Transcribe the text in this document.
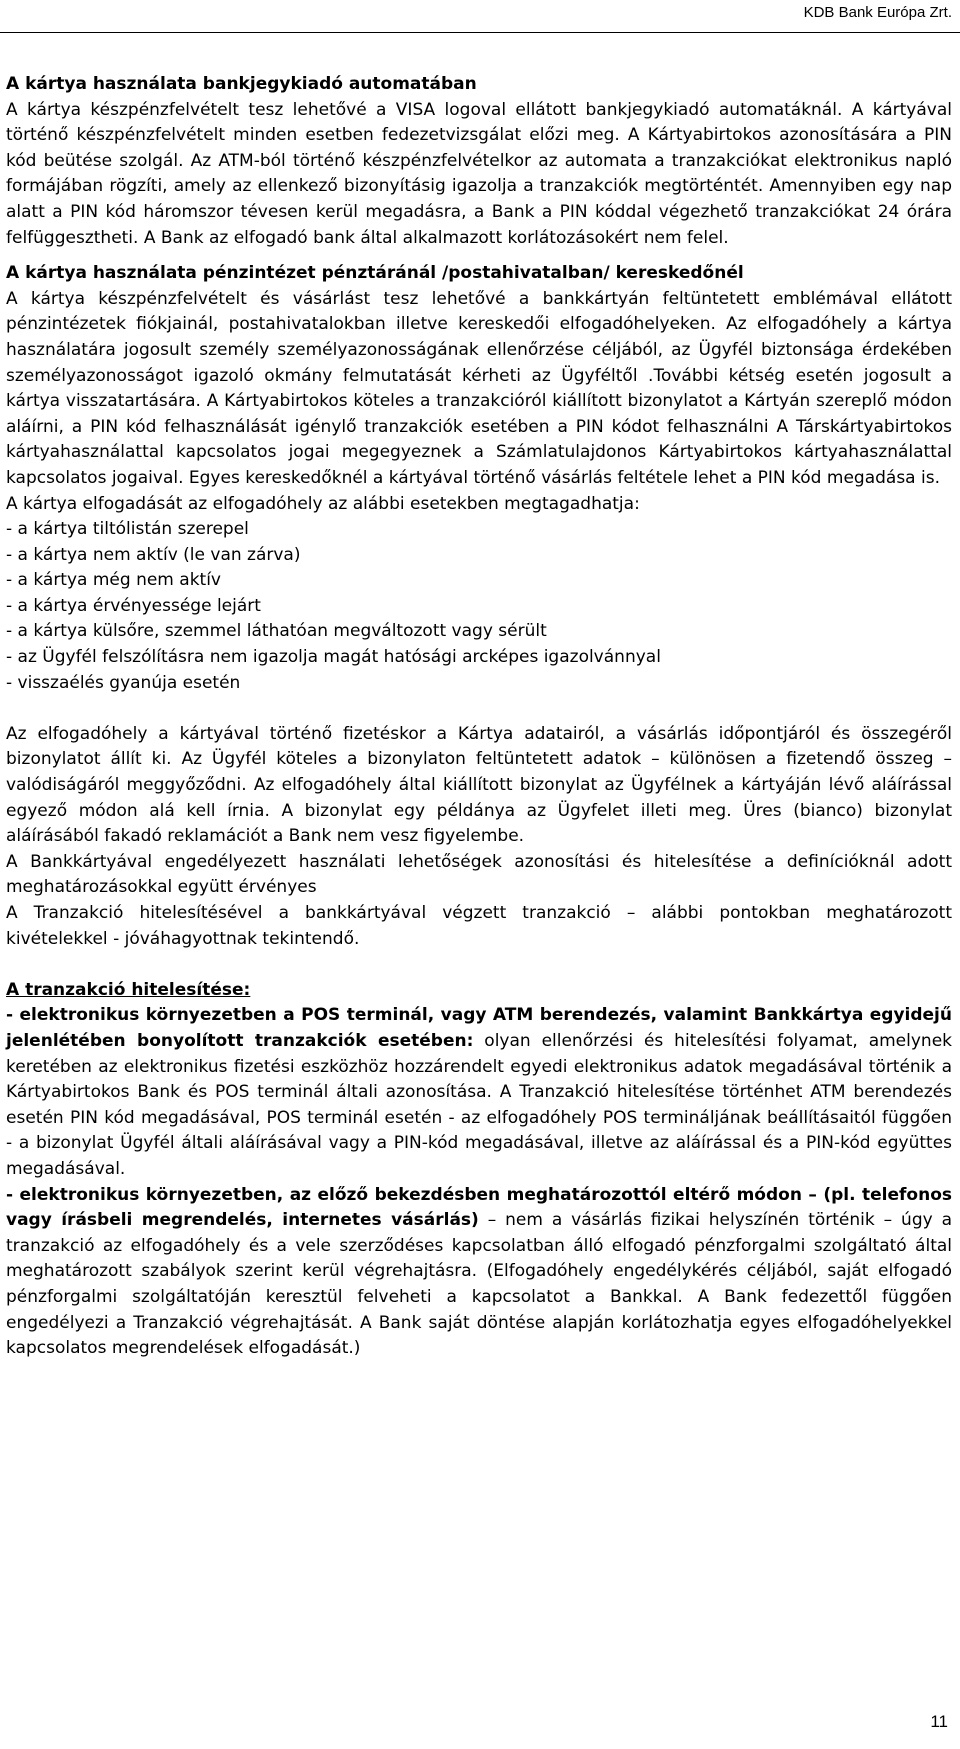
KDB Bank Európa Zrt.
A kártya használata bankjegykiadó automatában

A kártya készpénzfelvételt tesz lehetővé a VISA logoval ellátott bankjegykiadó automatáknál. A kártyával történő készpénzfelvételt minden esetben fedezetvizsgálat előzi meg. A Kártyabirtokos azonosítására a PIN kód beütése szolgál. Az ATM-ból történő készpénzfelvételkor az automata a tranzakciókat elektronikus napló formájában rögzíti, amely az ellenkező bizonyításig igazolja a tranzakciók megtörténtét. Amennyiben egy nap alatt a PIN kód háromszor tévesen kerül megadásra, a Bank a PIN kóddal végezhető tranzakciókat 24 órára felfüggesztheti. A Bank az elfogadó bank által alkalmazott korlátozásokért nem felel.

A kártya használata pénzintézet pénztáránál /postahivatalban/ kereskedőnél

A kártya készpénzfelvételt és vásárlást tesz lehetővé a bankkártyán feltüntetett emblémával ellátott pénzintézetek fiókjainál, postahivatalokban illetve kereskedői elfogadóhelyeken. Az elfogadóhely a kártya használatára jogosult személy személyazonosságának ellenőrzése céljából, az Ügyfél biztonsága érdekében személyazonosságot igazoló okmány felmutatását kérheti az Ügyféltől .További kétség esetén jogosult a kártya visszatartására. A Kártyabirtokos köteles a tranzakcióról kiállított bizonylatot a Kártyán szereplő módon aláírni, a PIN kód felhasználását igénylő tranzakciók esetében a PIN kódot felhasználni A Társkártyabirtokos kártyahasználattal kapcsolatos jogai megegyeznek a Számlatulajdonos Kártyabirtokos kártyahasználattal kapcsolatos jogaival. Egyes kereskedőknél a kártyával történő vásárlás feltétele lehet a PIN kód megadása is.

A kártya elfogadását az elfogadóhely az alábbi esetekben megtagadhatja:

- a kártya tiltólistán szerepel

- a kártya nem aktív (le van zárva)

- a kártya még nem aktív

- a kártya érvényessége lejárt

- a kártya külsőre, szemmel láthatóan megváltozott vagy sérült

- az Ügyfél felszólításra nem igazolja magát hatósági arcképes igazolvánnyal

- visszaélés gyanúja esetén

Az elfogadóhely a kártyával történő fizetéskor a Kártya adatairól, a vásárlás időpontjáról és összegéről bizonylatot állít ki. Az Ügyfél köteles a bizonylaton feltüntetett adatok – különösen a fizetendő összeg – valódiságáról meggyőződni. Az elfogadóhely által kiállított bizonylat az Ügyfélnek a kártyáján lévő aláírással egyező módon alá kell írnia. A bizonylat egy példánya az Ügyfelet illeti meg. Üres (bianco) bizonylat aláírásából fakadó reklamációt a Bank nem vesz figyelembe.

A Bankkártyával engedélyezett használati lehetőségek azonosítási és hitelesítése a definícióknál adott meghatározásokkal együtt érvényes

A Tranzakció hitelesítésével a bankkártyával végzett tranzakció – alábbi pontokban meghatározott kivételekkel - jóváhagyottnak tekintendő.

A tranzakció hitelesítése:

- elektronikus környezetben a POS terminál, vagy ATM berendezés, valamint Bankkártya egyidejű jelenlétében bonyolított tranzakciók esetében: olyan ellenőrzési és hitelesítési folyamat, amelynek keretében az elektronikus fizetési eszközhöz hozzárendelt egyedi elektronikus adatok megadásával történik a Kártyabirtokos Bank és POS terminál általi azonosítása. A Tranzakció hitelesítése történhet ATM berendezés esetén PIN kód megadásával, POS terminál esetén - az elfogadóhely POS termináljának beállításaitól függően - a bizonylat Ügyfél általi aláírásával vagy a PIN-kód megadásával, illetve az aláírással és a PIN-kód együttes megadásával.

- elektronikus környezetben, az előző bekezdésben meghatározottól eltérő módon – (pl. telefonos vagy írásbeli megrendelés, internetes vásárlás) – nem a vásárlás fizikai helyszínén történik – úgy a tranzakció az elfogadóhely és a vele szerződéses kapcsolatban álló elfogadó pénzforgalmi szolgáltató által meghatározott szabályok szerint kerül végrehajtásra. (Elfogadóhely engedélykérés céljából, saját elfogadó pénzforgalmi szolgáltatóján keresztül felveheti a kapcsolatot a Bankkal. A Bank fedezettől függően engedélyezi a Tranzakció végrehajtását. A Bank saját döntése alapján korlátozhatja egyes elfogadóhelyekkel kapcsolatos megrendelések elfogadását.)

11
